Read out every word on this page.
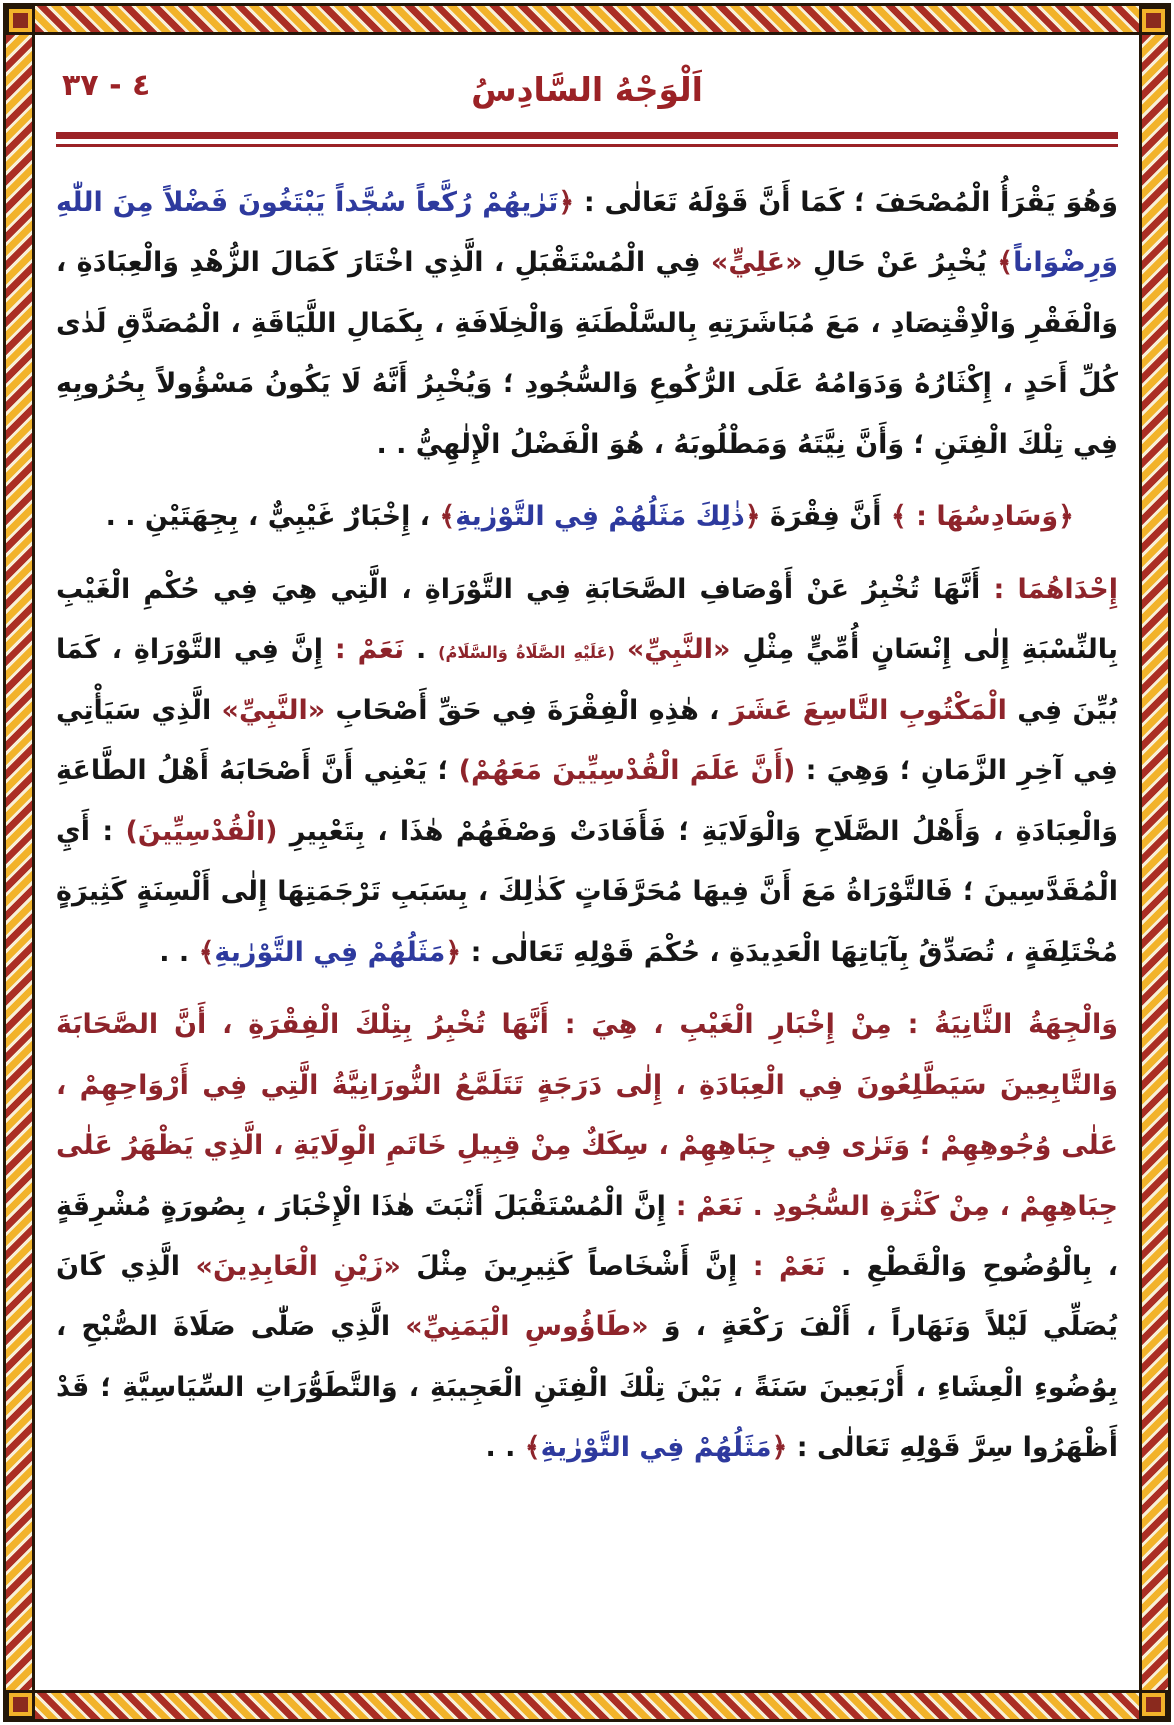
٣٧ - ٤	اَلْوَجْهُ السَّادِسُ

وَهُوَ يَقْرَأُ الْمُصْحَفَ ؛ كَمَا أَنَّ قَوْلَهُ تَعَالٰى : ﴿تَرٰيهُمْ رُكَّعاً سُجَّداً يَبْتَغُونَ فَضْلاً مِنَ اللّٰهِ وَرِضْوَاناً﴾ يُخْبِرُ عَنْ حَالِ «عَلِيٍّ» فِي الْمُسْتَقْبَلِ ، الَّذِي اخْتَارَ كَمَالَ الزُّهْدِ وَالْعِبَادَةِ ، وَالْفَقْرِ وَالْاِقْتِصَادِ ، مَعَ مُبَاشَرَتِهِ بِالسَّلْطَنَةِ وَالْخِلَافَةِ ، بِكَمَالِ اللَّيَاقَةِ ، الْمُصَدَّقِ لَدٰى كُلِّ أَحَدٍ ، إِكْثَارُهُ وَدَوَامُهُ عَلَى الرُّكُوعِ وَالسُّجُودِ ؛ وَيُخْبِرُ أَنَّهُ لَا يَكُونُ مَسْؤُولاً بِحُرُوبِهِ فِي تِلْكَ الْفِتَنِ ؛ وَأَنَّ نِيَّتَهُ وَمَطْلُوبَهُ ، هُوَ الْفَضْلُ الْإِلٰهِيُّ . .

﴿وَسَادِسُهَا : ﴾ أَنَّ فِقْرَةَ ﴿ذٰلِكَ مَثَلُهُمْ فِي التَّوْرٰيةِ﴾ ، إِخْبَارٌ غَيْبِيٌّ ، بِجِهَتَيْنِ . .

إِحْدَاهُمَا : أَنَّهَا تُخْبِرُ عَنْ أَوْصَافِ الصَّحَابَةِ فِي التَّوْرَاةِ ، الَّتِي هِيَ فِي حُكْمِ الْغَيْبِ بِالنِّسْبَةِ إِلٰى إِنْسَانٍ أُمِّيٍّ مِثْلِ «النَّبِيِّ» (عَلَيْهِ الصَّلَاةُ وَالسَّلَامُ) . نَعَمْ : إِنَّ فِي التَّوْرَاةِ ، كَمَا بُيِّنَ فِي الْمَكْتُوبِ التَّاسِعَ عَشَرَ ، هٰذِهِ الْفِقْرَةَ فِي حَقِّ أَصْحَابِ «النَّبِيِّ» الَّذِي سَيَأْتِي فِي آخِرِ الزَّمَانِ ؛ وَهِيَ : (أَنَّ عَلَمَ الْقُدْسِيِّينَ مَعَهُمْ) ؛ يَعْنِي أَنَّ أَصْحَابَهُ أَهْلُ الطَّاعَةِ وَالْعِبَادَةِ ، وَأَهْلُ الصَّلَاحِ وَالْوَلَايَةِ ؛ فَأَفَادَتْ وَصْفَهُمْ هٰذَا ، بِتَعْبِيرِ (الْقُدْسِيِّينَ) : أَيِ الْمُقَدَّسِينَ ؛ فَالتَّوْرَاةُ مَعَ أَنَّ فِيهَا مُحَرَّفَاتٍ كَذٰلِكَ ، بِسَبَبِ تَرْجَمَتِهَا إِلٰى أَلْسِنَةٍ كَثِيرَةٍ مُخْتَلِفَةٍ ، تُصَدِّقُ بِآيَاتِهَا الْعَدِيدَةِ ، حُكْمَ قَوْلِهِ تَعَالٰى : ﴿مَثَلُهُمْ فِي التَّوْرٰيةِ﴾ . .

وَالْجِهَةُ الثَّانِيَةُ : مِنْ إِخْبَارِ الْغَيْبِ ، هِيَ : أَنَّهَا تُخْبِرُ بِتِلْكَ الْفِقْرَةِ ، أَنَّ الصَّحَابَةَ وَالتَّابِعِينَ سَيَطَّلِعُونَ فِي الْعِبَادَةِ ، إِلٰى دَرَجَةٍ تَتَلَمَّعُ النُّورَانِيَّةُ الَّتِي فِي أَرْوَاحِهِمْ ، عَلٰى وُجُوهِهِمْ ؛ وَتَرٰى فِي جِبَاهِهِمْ ، سِكَكٌ مِنْ قِبِيلِ خَاتَمِ الْوِلَايَةِ ، الَّذِي يَظْهَرُ عَلٰى جِبَاهِهِمْ ، مِنْ كَثْرَةِ السُّجُودِ . نَعَمْ : إِنَّ الْمُسْتَقْبَلَ أَثْبَتَ هٰذَا الْإِخْبَارَ ، بِصُورَةٍ مُشْرِقَةٍ ، بِالْوُضُوحِ وَالْقَطْعِ . نَعَمْ : إِنَّ أَشْخَاصاً كَثِيرِينَ مِثْلَ «زَيْنِ الْعَابِدِينَ» الَّذِي كَانَ يُصَلِّي لَيْلاً وَنَهَاراً ، أَلْفَ رَكْعَةٍ ، وَ «طَاؤُوسِ الْيَمَنِيِّ» الَّذِي صَلّٰى صَلَاةَ الصُّبْحِ ، بِوُضُوءِ الْعِشَاءِ ، أَرْبَعِينَ سَنَةً ، بَيْنَ تِلْكَ الْفِتَنِ الْعَجِيبَةِ ، وَالتَّطَوُّرَاتِ السِّيَاسِيَّةِ ؛ قَدْ أَظْهَرُوا سِرَّ قَوْلِهِ تَعَالٰى : ﴿مَثَلُهُمْ فِي التَّوْرٰيةِ﴾ . .
